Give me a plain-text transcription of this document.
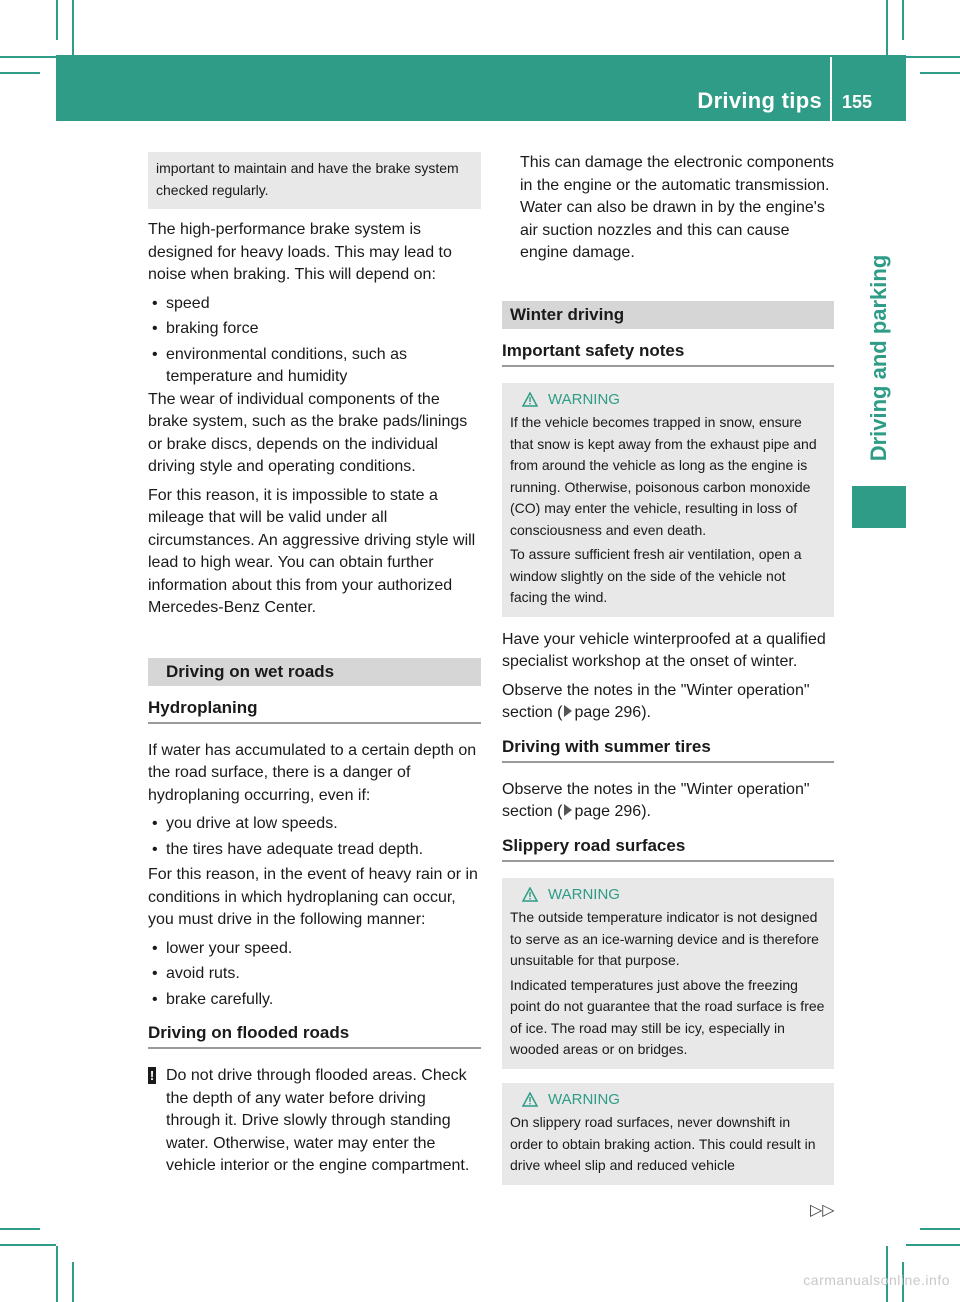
Driving tips 155
Driving and parking

important to maintain and have the brake system checked regularly.

The high-performance brake system is designed for heavy loads. This may lead to noise when braking. This will depend on:

• speed
• braking force
• environmental conditions, such as temperature and humidity

The wear of individual components of the brake system, such as the brake pads/linings or brake discs, depends on the individual driving style and operating conditions.

For this reason, it is impossible to state a mileage that will be valid under all circumstances. An aggressive driving style will lead to high wear. You can obtain further information about this from your authorized Mercedes-Benz Center.

Driving on wet roads
Hydroplaning

If water has accumulated to a certain depth on the road surface, there is a danger of hydroplaning occurring, even if:

• you drive at low speeds.
• the tires have adequate tread depth.

For this reason, in the event of heavy rain or in conditions in which hydroplaning can occur, you must drive in the following manner:

• lower your speed.
• avoid ruts.
• brake carefully.
Driving on flooded roads
! Do not drive through flooded areas. Check the depth of any water before driving through it. Drive slowly through standing water. Otherwise, water may enter the vehicle interior or the engine compartment.

This can damage the electronic components in the engine or the automatic transmission. Water can also be drawn in by the engine's air suction nozzles and this can cause engine damage.

Winter driving
Important safety notes
WARNING

If the vehicle becomes trapped in snow, ensure that snow is kept away from the exhaust pipe and from around the vehicle as long as the engine is running. Otherwise, poisonous carbon monoxide (CO) may enter the vehicle, resulting in loss of consciousness and even death.

To assure sufficient fresh air ventilation, open a window slightly on the side of the vehicle not facing the wind.

Have your vehicle winterproofed at a qualified specialist workshop at the onset of winter.

Observe the notes in the "Winter operation" section ( page 296).

Driving with summer tires

Observe the notes in the "Winter operation" section ( page 296).

Slippery road surfaces
WARNING

The outside temperature indicator is not designed to serve as an ice-warning device and is therefore unsuitable for that purpose.

Indicated temperatures just above the freezing point do not guarantee that the road surface is free of ice. The road may still be icy, especially in wooded areas or on bridges.

WARNING

On slippery road surfaces, never downshift in order to obtain braking action. This could result in drive wheel slip and reduced vehicle

▷▷
carmanualsonline.info
